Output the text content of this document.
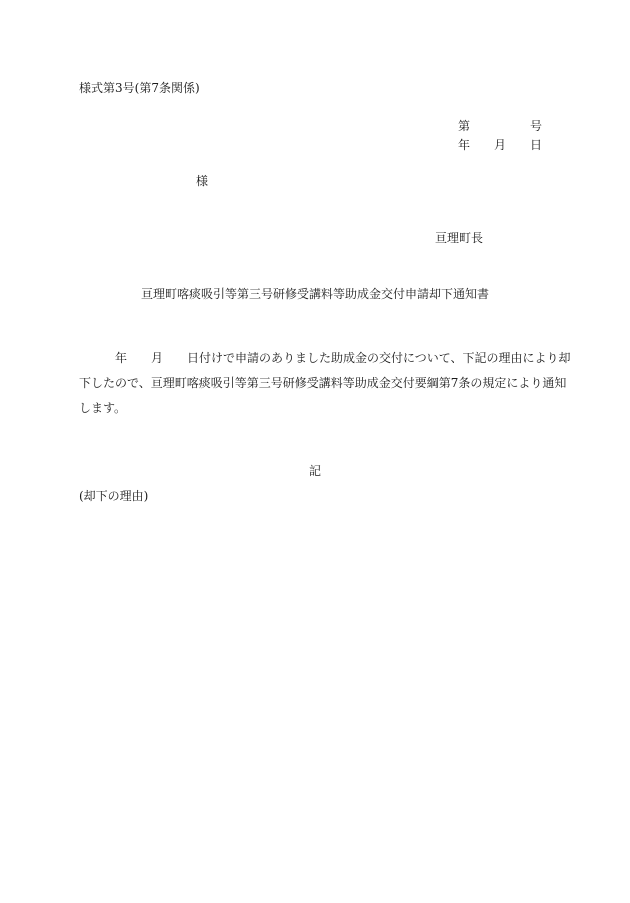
様式第3号(第7条関係)
第	号
年 月 日
様
亘理町長
亘理町喀痰吸引等第三号研修受講料等助成金交付申請却下通知書
年 月 日付けで申請のありました助成金の交付について、下記の理由により却
下したので、亘理町喀痰吸引等第三号研修受講料等助成金交付要綱第7条の規定により通知
します。
記
(却下の理由)
